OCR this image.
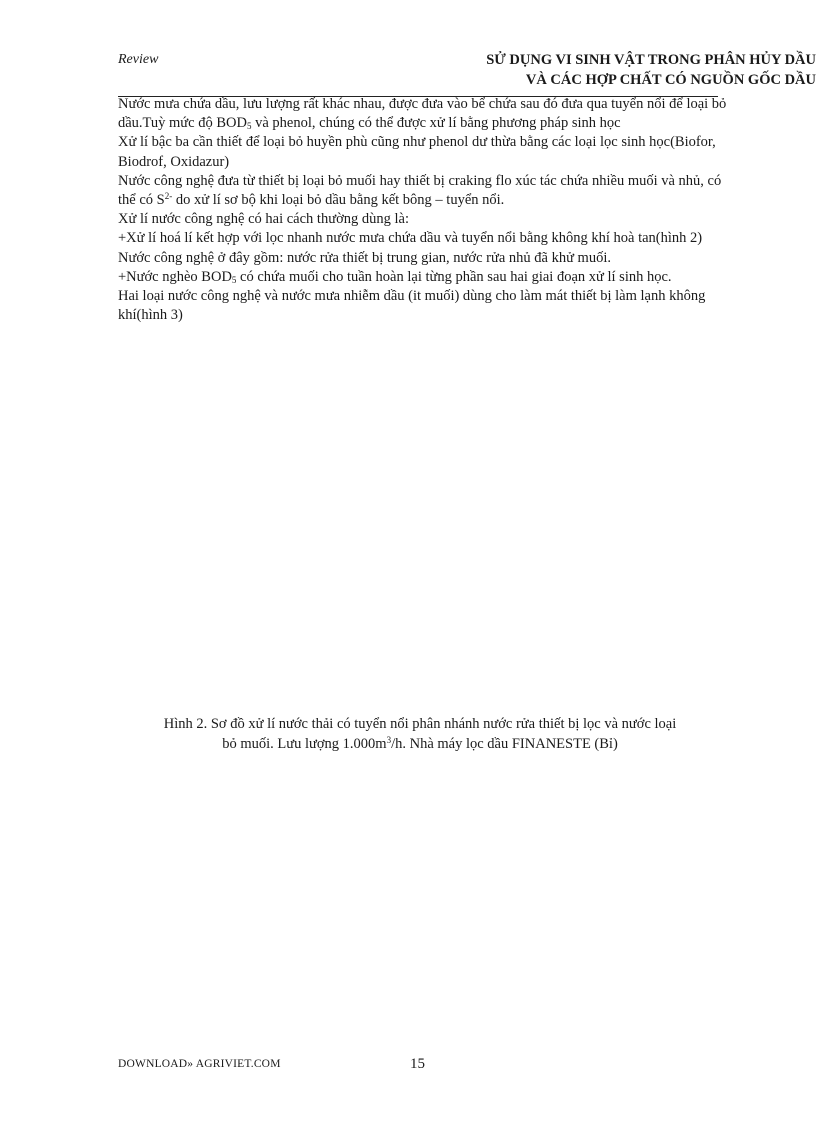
Review	SỬ DỤNG VI SINH VẬT TRONG PHÂN HỦY DẦU
VÀ CÁC HỢP CHẤT CÓ NGUỒN GỐC DẦU

Nước mưa chứa dầu, lưu lượng rất khác nhau, được đưa vào bể chứa sau đó đưa qua tuyển nổi để loại bỏ dầu.Tuỳ mức độ $BOD_5$ và phenol, chúng có thể được xử lí bằng phương pháp sinh học

Xử lí bậc ba cần thiết để loại bỏ huyền phù cũng như phenol dư thừa bằng các loại lọc sinh học(Biofor, Biodrof, Oxidazur)

Nước công nghệ đưa từ thiết bị loại bỏ muối hay thiết bị craking flo xúc tác chứa nhiều muối và nhủ, có thể có $S^{2-}$ do xử lí sơ bộ khi loại bỏ dầu bằng kết bông – tuyển nổi.

Xử lí nước công nghệ có hai cách thường dùng là:

+Xử lí hoá lí kết hợp với lọc nhanh nước mưa chứa dầu và tuyển nổi bằng không khí hoà tan(hình 2)

Nước công nghệ ở đây gồm: nước rửa thiết bị trung gian, nước rửa nhủ đã khử muối.

+Nước nghèo $BOD_5$ có chứa muối cho tuần hoàn lại từng phần sau hai giai đoạn xử lí sinh học.

Hai loại nước công nghệ và nước mưa nhiễm dầu (it muối) dùng cho làm mát thiết bị làm lạnh không khí(hình 3)

Hình 2. Sơ đồ xử lí nước thải có tuyển nổi phân nhánh nước rửa thiết bị lọc và nước loại
bỏ muối. Lưu lượng $1.000m^3/h$. Nhà máy lọc dầu FINANESTE (Bỉ)
DOWNLOAD» AGRIVIET.COM	15
